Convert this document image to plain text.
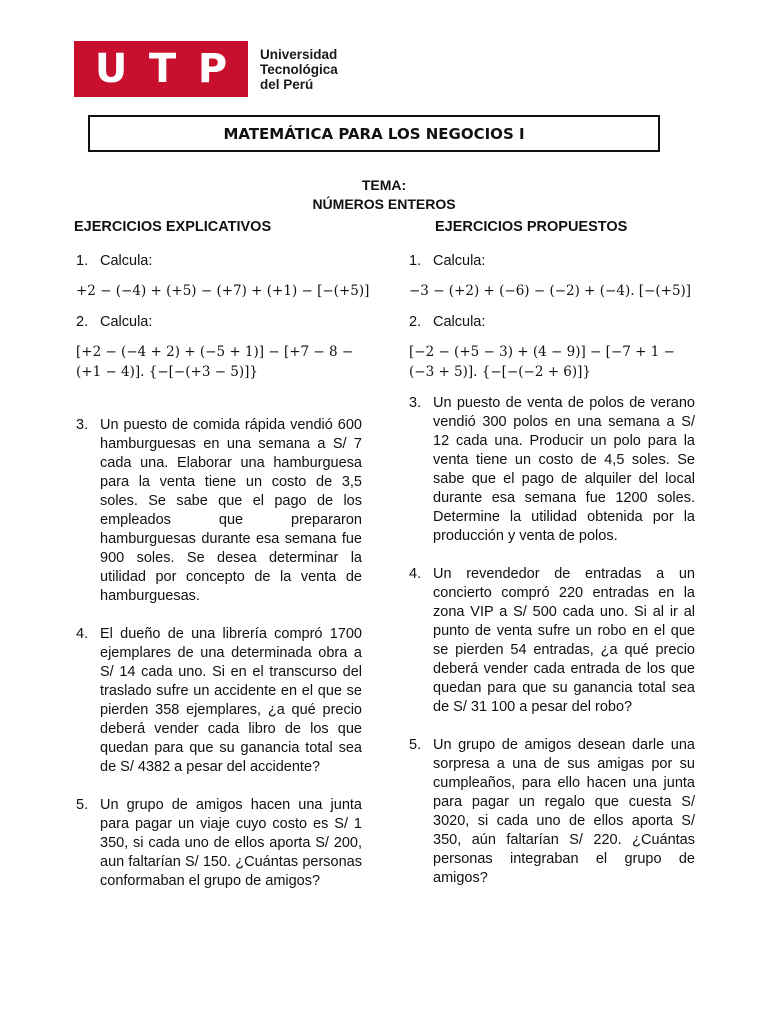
U T P Universidad
Tecnológica
del Perú
MATEMÁTICA PARA LOS NEGOCIOS I
TEMA:
NÚMEROS ENTEROS
EJERCICIOS EXPLICATIVOS
1. Calcula:
+2 − (−4) + (+5) − (+7) + (+1) − [−(+5)]
2. Calcula:
[+2 − (−4 + 2) + (−5 + 1)] − [+7 − 8 −
(+1 − 4)]. {−[−(+3 − 5)]}
3. Un puesto de comida rápida vendió 600 hamburguesas en una semana a S/ 7 cada una. Elaborar una hamburguesa para la venta tiene un costo de 3,5 soles. Se sabe que el pago de los empleados que prepararon hamburguesas durante esa semana fue 900 soles. Se desea determinar la utilidad por concepto de la venta de hamburguesas.
4. El dueño de una librería compró 1700 ejemplares de una determinada obra a S/ 14 cada uno. Si en el transcurso del traslado sufre un accidente en el que se pierden 358 ejemplares, ¿a qué precio deberá vender cada libro de los que quedan para que su ganancia total sea de S/ 4382 a pesar del accidente?
5. Un grupo de amigos hacen una junta para pagar un viaje cuyo costo es S/ 1 350, si cada uno de ellos aporta S/ 200, aun faltarían S/ 150. ¿Cuántas personas conformaban el grupo de amigos?
EJERCICIOS PROPUESTOS
1. Calcula:
−3 − (+2) + (−6) − (−2) + (−4). [−(+5)]
2. Calcula:
[−2 − (+5 − 3) + (4 − 9)] − [−7 + 1 −
(−3 + 5)]. {−[−(−2 + 6)]}
3. Un puesto de venta de polos de verano vendió 300 polos en una semana a S/ 12 cada una. Producir un polo para la venta tiene un costo de 4,5 soles. Se sabe que el pago de alquiler del local durante esa semana fue 1200 soles. Determine la utilidad obtenida por la producción y venta de polos.
4. Un revendedor de entradas a un concierto compró 220 entradas en la zona VIP a S/ 500 cada uno. Si al ir al punto de venta sufre un robo en el que se pierden 54 entradas, ¿a qué precio deberá vender cada entrada de los que quedan para que su ganancia total sea de S/ 31 100 a pesar del robo?
5. Un grupo de amigos desean darle una sorpresa a una de sus amigas por su cumpleaños, para ello hacen una junta para pagar un regalo que cuesta S/ 3020, si cada uno de ellos aporta S/ 350, aún faltarían S/ 220. ¿Cuántas personas integraban el grupo de amigos?
